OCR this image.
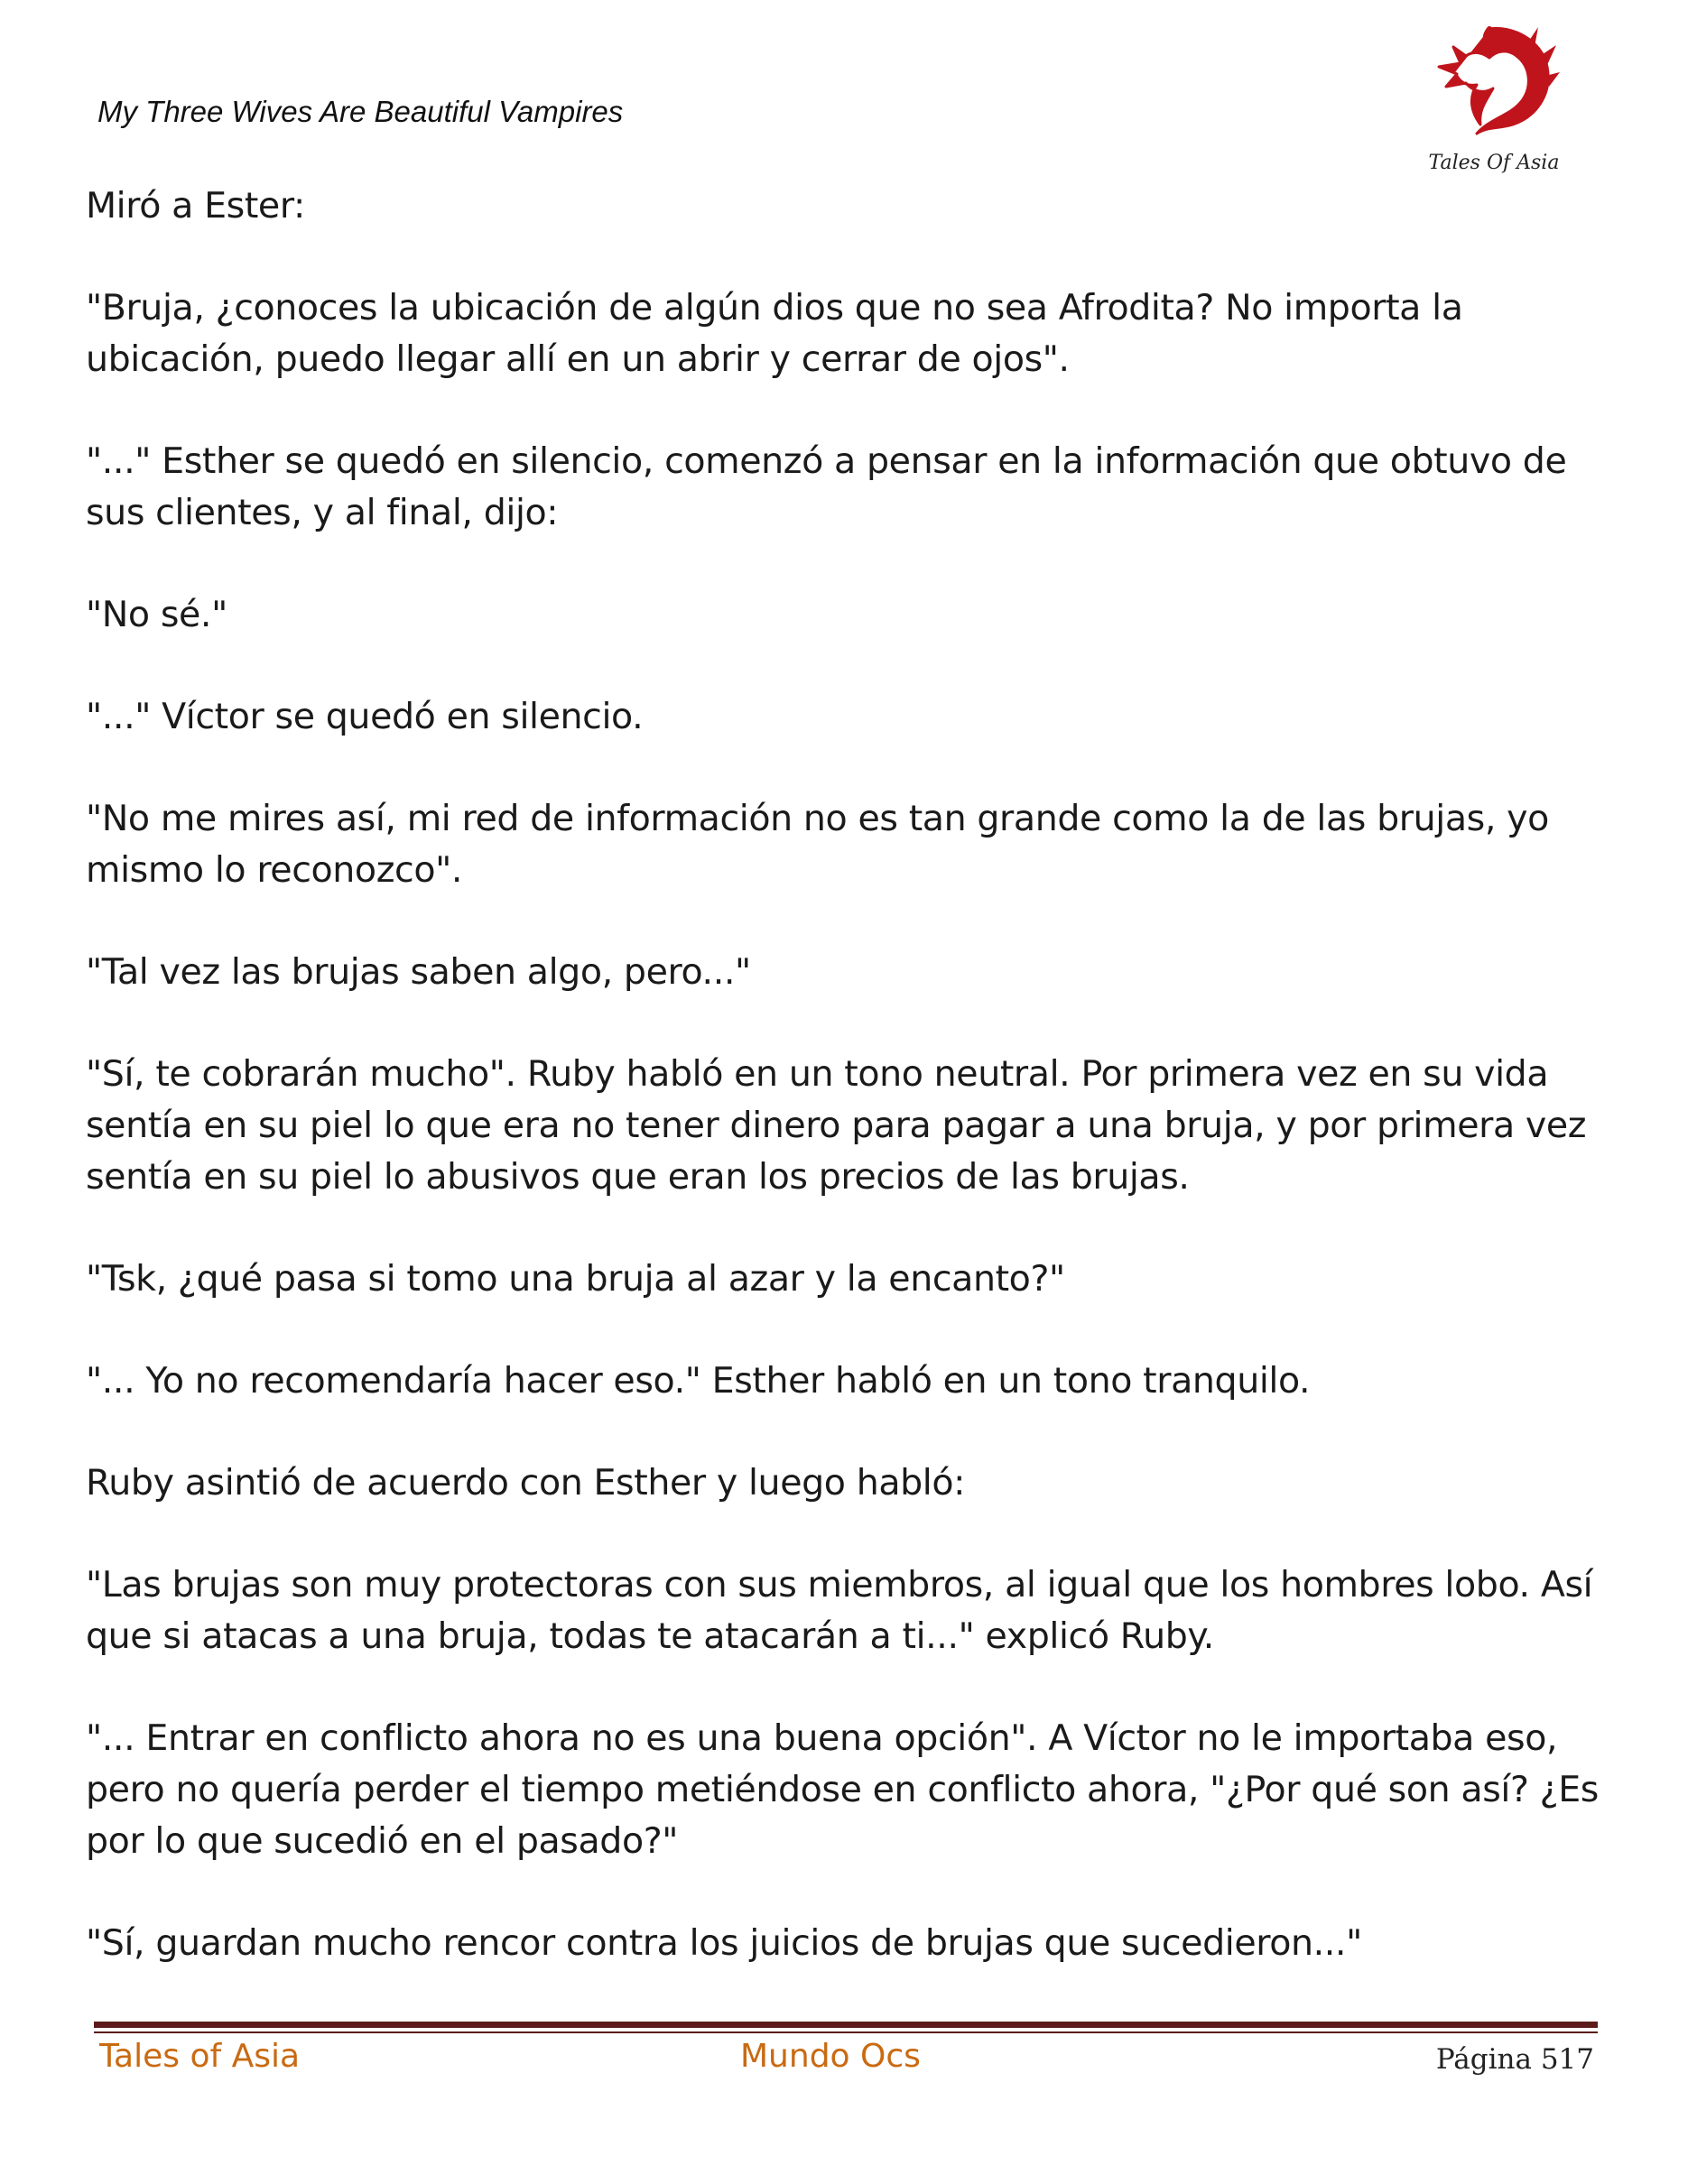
My Three Wives Are Beautiful Vampires
Tales Of Asia

Miró a Ester:

"Bruja, ¿conoces la ubicación de algún dios que no sea Afrodita? No importa la ubicación, puedo llegar allí en un abrir y cerrar de ojos".

"..." Esther se quedó en silencio, comenzó a pensar en la información que obtuvo de sus clientes, y al final, dijo:

"No sé."

"..." Víctor se quedó en silencio.

"No me mires así, mi red de información no es tan grande como la de las brujas, yo mismo lo reconozco".

"Tal vez las brujas saben algo, pero..."

"Sí, te cobrarán mucho". Ruby habló en un tono neutral. Por primera vez en su vida sentía en su piel lo que era no tener dinero para pagar a una bruja, y por primera vez sentía en su piel lo abusivos que eran los precios de las brujas.

"Tsk, ¿qué pasa si tomo una bruja al azar y la encanto?"

"... Yo no recomendaría hacer eso." Esther habló en un tono tranquilo.

Ruby asintió de acuerdo con Esther y luego habló:

"Las brujas son muy protectoras con sus miembros, al igual que los hombres lobo. Así que si atacas a una bruja, todas te atacarán a ti..." explicó Ruby.

"... Entrar en conflicto ahora no es una buena opción". A Víctor no le importaba eso, pero no quería perder el tiempo metiéndose en conflicto ahora, "¿Por qué son así? ¿Es por lo que sucedió en el pasado?"

"Sí, guardan mucho rencor contra los juicios de brujas que sucedieron..."

Tales of Asia	Mundo Ocs	Página 517
